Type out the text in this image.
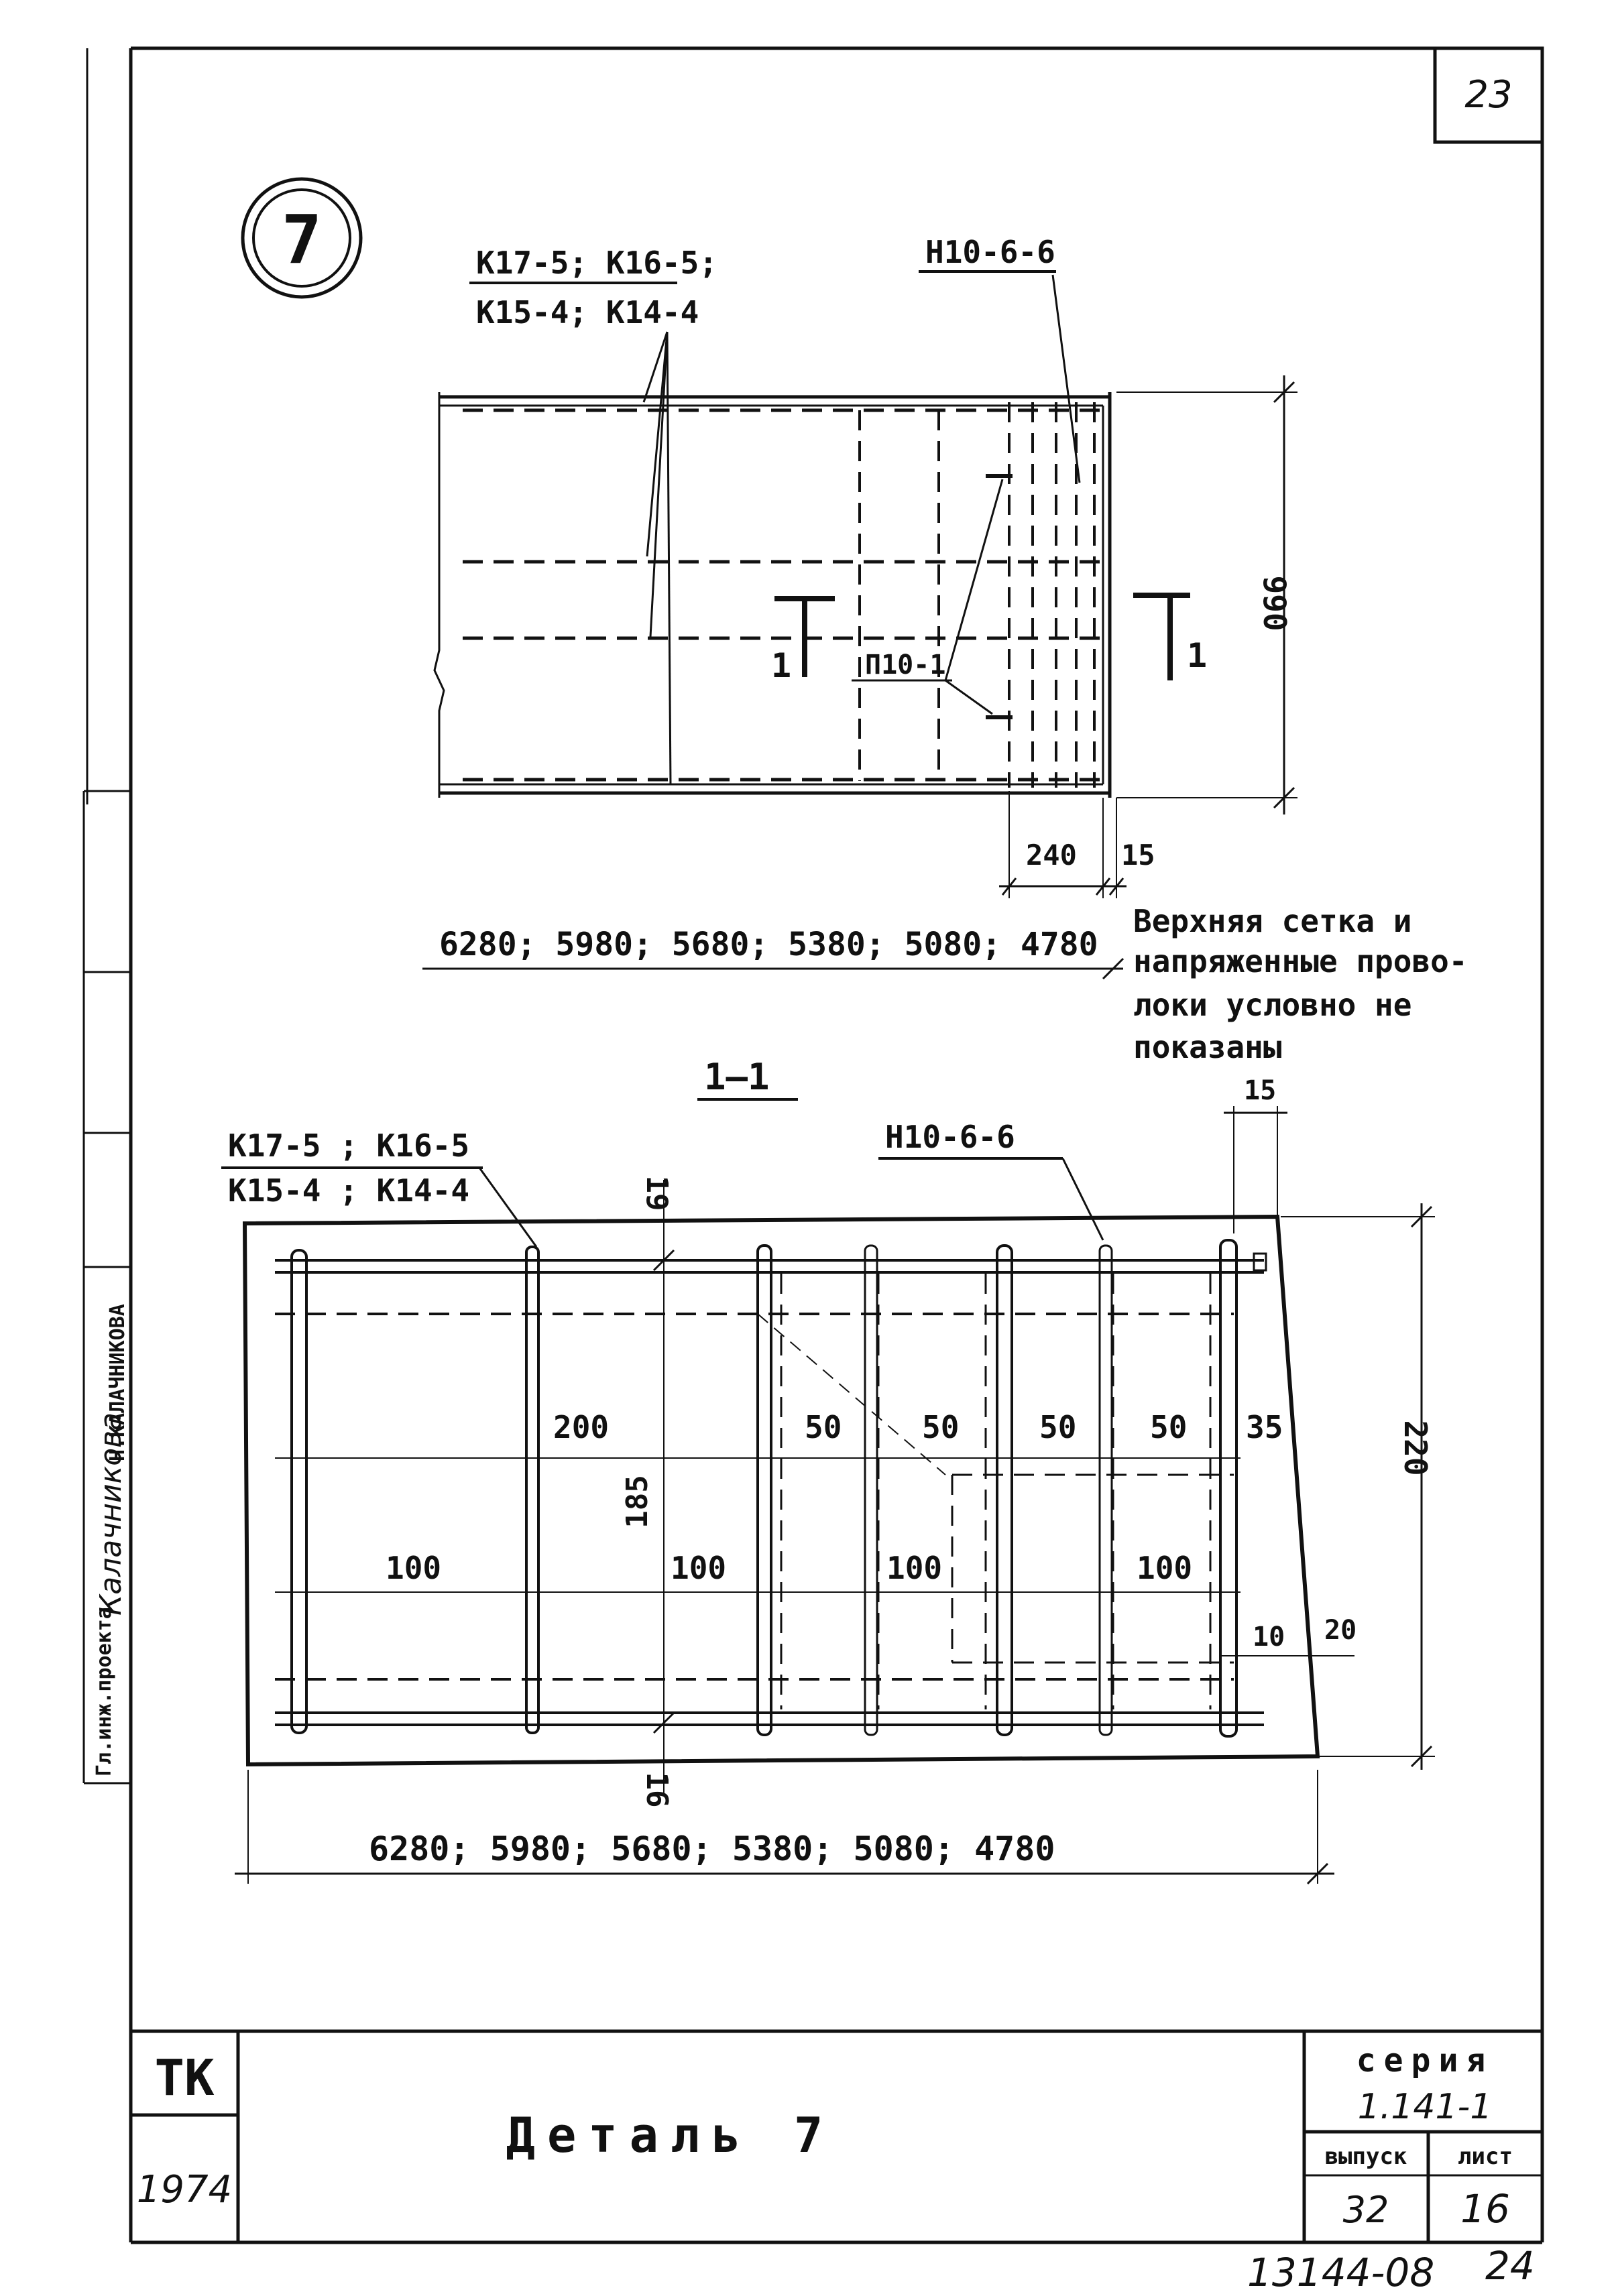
23
7	К17-5; К16-5;
К15-4; К14-4
Н10-6-6
П10-1
1	1
990
240 15
6280; 5980; 5680; 5380; 5080; 4780
Верхняя сетка и
напряженные прово-
локи условно не
показаны
1—1
К17-5 ; К16-5
К15-4 ; К14-4
Н10-6-6
200	50	50	50 50 35
100	100	100	100
19
185
16
15
220
10 20
6280; 5980; 5680; 5380; 5080; 4780
ТК
1974
Деталь 7
серия
1.141-1
выпуск
32
лист
16
13144-08 24
Гл.инж.проекта
Калачникова
Н.КАЛАЧНИКОВА
